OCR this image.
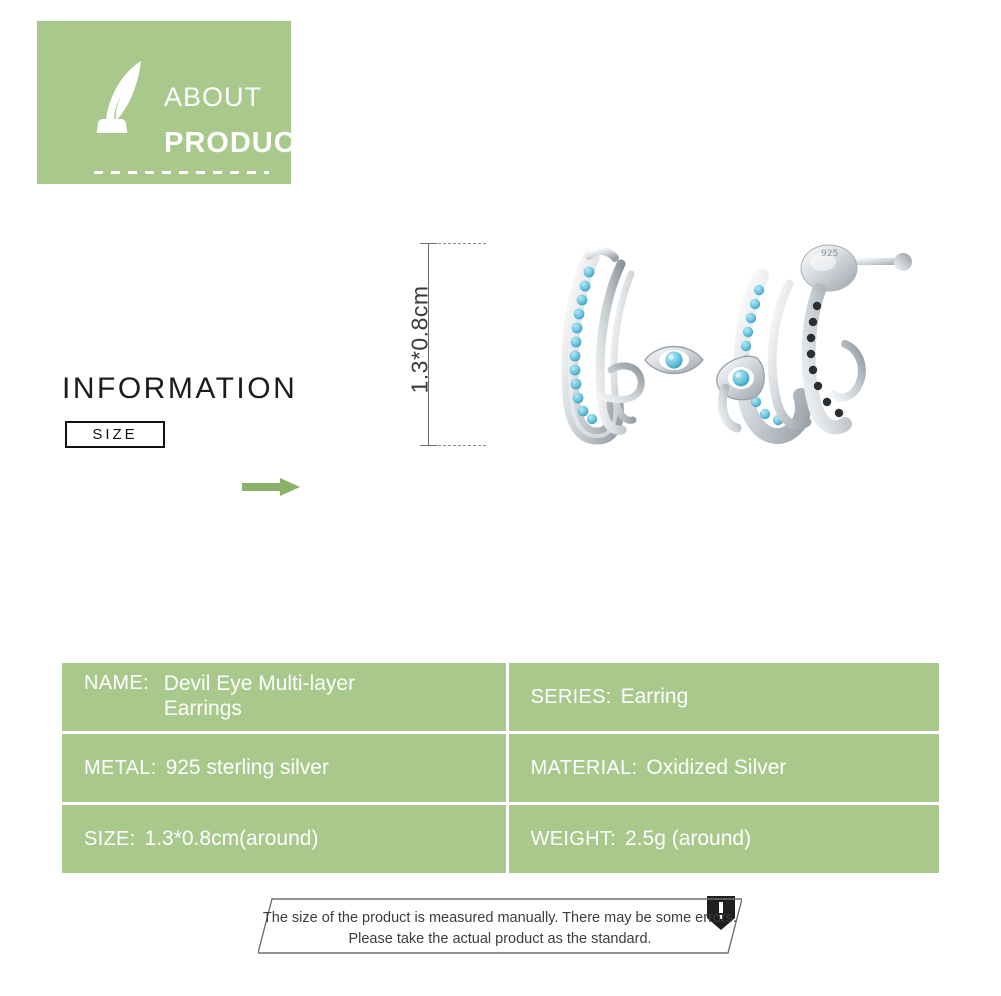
ABOUT
PRODUCT
INFORMATION
SIZE
1.3*0.8cm
925
NAME: Devil Eye Multi-layer Earrings	SERIES: Earring

METAL: 925 sterling silver	MATERIAL: Oxidized Silver

SIZE: 1.3*0.8cm(around)	WEIGHT: 2.5g (around)
The size of the product is measured manually. There may be some errors.
Please take the actual product as the standard.
